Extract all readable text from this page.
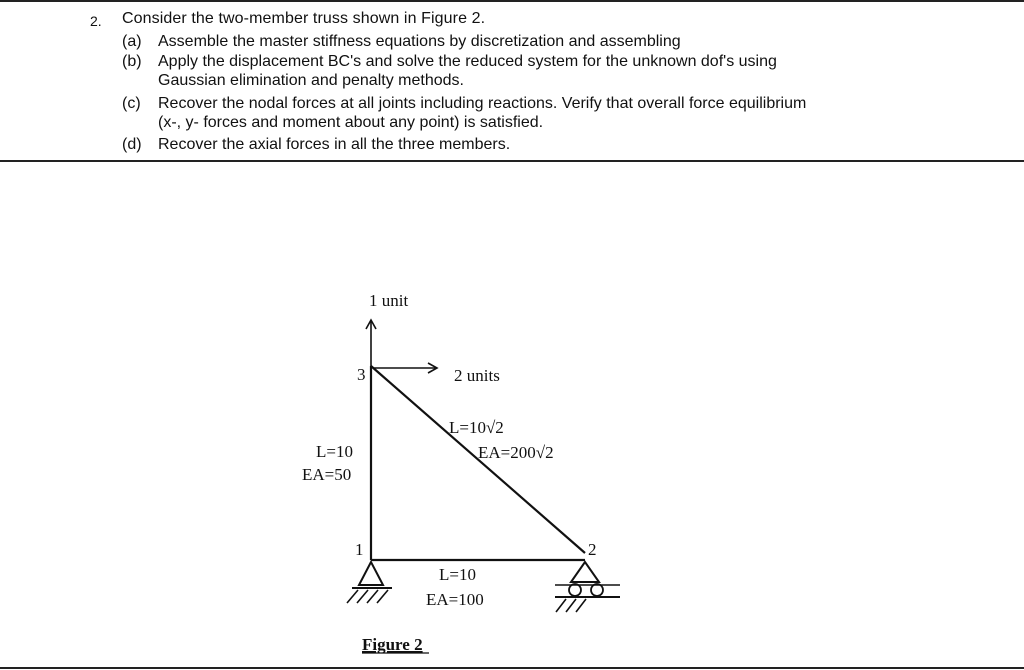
2. Consider the two-member truss shown in Figure 2.
(a) Assemble the master stiffness equations by discretization and assembling
(b) Apply the displacement BC's and solve the reduced system for the unknown dof's using
Gaussian elimination and penalty methods.
(c) Recover the nodal forces at all joints including reactions. Verify that overall force equilibrium
(x-, y- forces and moment about any point) is satisfied.
(d) Recover the axial forces in all the three members.
1 unit
2 units
3
1	2
L=10
EA=50
L=10√2
EA=200√2
L=10
EA=100
Figure 2
